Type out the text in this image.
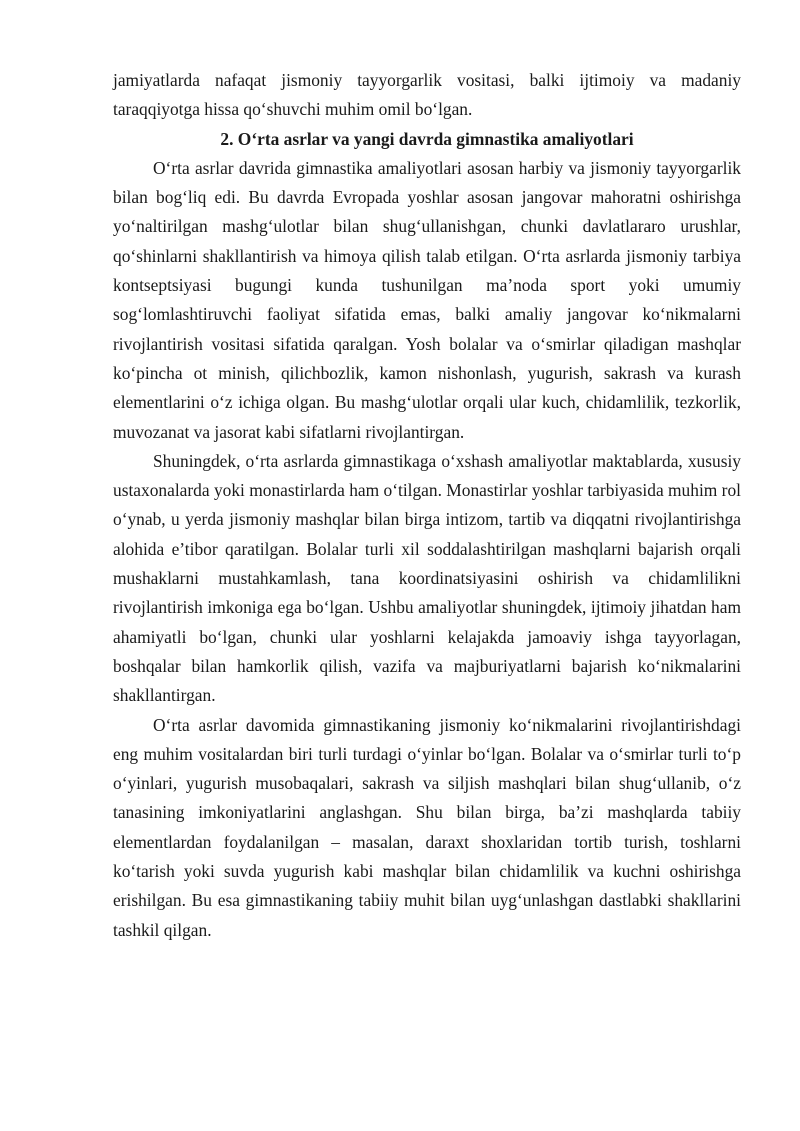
jamiyatlarda nafaqat jismoniy tayyorgarlik vositasi, balki ijtimoiy va madaniy taraqqiyotga hissa qo‘shuvchi muhim omil bo‘lgan.

2. O‘rta asrlar va yangi davrda gimnastika amaliyotlari

O‘rta asrlar davrida gimnastika amaliyotlari asosan harbiy va jismoniy tayyorgarlik bilan bog‘liq edi. Bu davrda Evropada yoshlar asosan jangovar mahoratni oshirishga yo‘naltirilgan mashg‘ulotlar bilan shug‘ullanishgan, chunki davlatlararo urushlar, qo‘shinlarni shakllantirish va himoya qilish talab etilgan. O‘rta asrlarda jismoniy tarbiya kontseptsiyasi bugungi kunda tushunilgan ma’noda sport yoki umumiy sog‘lomlashtiruvchi faoliyat sifatida emas, balki amaliy jangovar ko‘nikmalarni rivojlantirish vositasi sifatida qaralgan. Yosh bolalar va o‘smirlar qiladigan mashqlar ko‘pincha ot minish, qilichbozlik, kamon nishonlash, yugurish, sakrash va kurash elementlarini o‘z ichiga olgan. Bu mashg‘ulotlar orqali ular kuch, chidamlilik, tezkorlik, muvozanat va jasorat kabi sifatlarni rivojlantirgan.

Shuningdek, o‘rta asrlarda gimnastikaga o‘xshash amaliyotlar maktablarda, xususiy ustaxonalarda yoki monastirlarda ham o‘tilgan. Monastirlar yoshlar tarbiyasida muhim rol o‘ynab, u yerda jismoniy mashqlar bilan birga intizom, tartib va diqqatni rivojlantirishga alohida e’tibor qaratilgan. Bolalar turli xil soddalashtirilgan mashqlarni bajarish orqali mushaklarni mustahkamlash, tana koordinatsiyasini oshirish va chidamlilikni rivojlantirish imkoniga ega bo‘lgan. Ushbu amaliyotlar shuningdek, ijtimoiy jihatdan ham ahamiyatli bo‘lgan, chunki ular yoshlarni kelajakda jamoaviy ishga tayyorlagan, boshqalar bilan hamkorlik qilish, vazifa va majburiyatlarni bajarish ko‘nikmalarini shakllantirgan.

O‘rta asrlar davomida gimnastikaning jismoniy ko‘nikmalarini rivojlantirishdagi eng muhim vositalardan biri turli turdagi o‘yinlar bo‘lgan. Bolalar va o‘smirlar turli to‘p o‘yinlari, yugurish musobaqalari, sakrash va siljish mashqlari bilan shug‘ullanib, o‘z tanasining imkoniyatlarini anglashgan. Shu bilan birga, ba’zi mashqlarda tabiiy elementlardan foydalanilgan – masalan, daraxt shoxlaridan tortib turish, toshlarni ko‘tarish yoki suvda yugurish kabi mashqlar bilan chidamlilik va kuchni oshirishga erishilgan. Bu esa gimnastikaning tabiiy muhit bilan uyg‘unlashgan dastlabki shakllarini tashkil qilgan.
